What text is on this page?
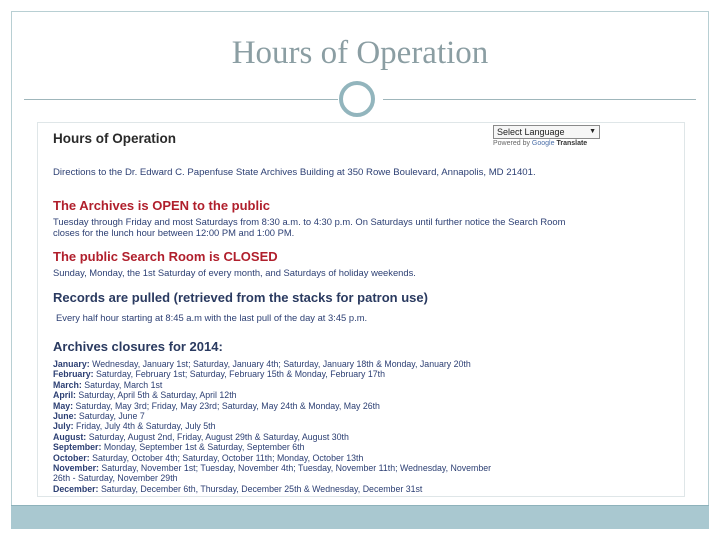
Hours of Operation
Hours of Operation	Select Language	▼
Powered by Google Translate
Directions to the Dr. Edward C. Papenfuse State Archives Building at 350 Rowe Boulevard, Annapolis, MD 21401.
The Archives is OPEN to the public
Tuesday through Friday and most Saturdays from 8:30 a.m. to 4:30 p.m. On Saturdays until further notice the Search Room
closes for the lunch hour between 12:00 PM and 1:00 PM.
The public Search Room is CLOSED
Sunday, Monday, the 1st Saturday of every month, and Saturdays of holiday weekends.
Records are pulled (retrieved from the stacks for patron use)
Every half hour starting at 8:45 a.m with the last pull of the day at 3:45 p.m.
Archives closures for 2014:
January: Wednesday, January 1st; Saturday, January 4th; Saturday, January 18th & Monday, January 20th
February: Saturday, February 1st; Saturday, February 15th & Monday, February 17th
March: Saturday, March 1st
April: Saturday, April 5th & Saturday, April 12th
May: Saturday, May 3rd; Friday, May 23rd; Saturday, May 24th & Monday, May 26th
June: Saturday, June 7
July: Friday, July 4th & Saturday, July 5th
August: Saturday, August 2nd, Friday, August 29th & Saturday, August 30th
September: Monday, September 1st & Saturday, September 6th
October: Saturday, October 4th; Saturday, October 11th; Monday, October 13th
November: Saturday, November 1st; Tuesday, November 4th; Tuesday, November 11th; Wednesday, November
26th - Saturday, November 29th
December: Saturday, December 6th, Thursday, December 25th & Wednesday, December 31st
